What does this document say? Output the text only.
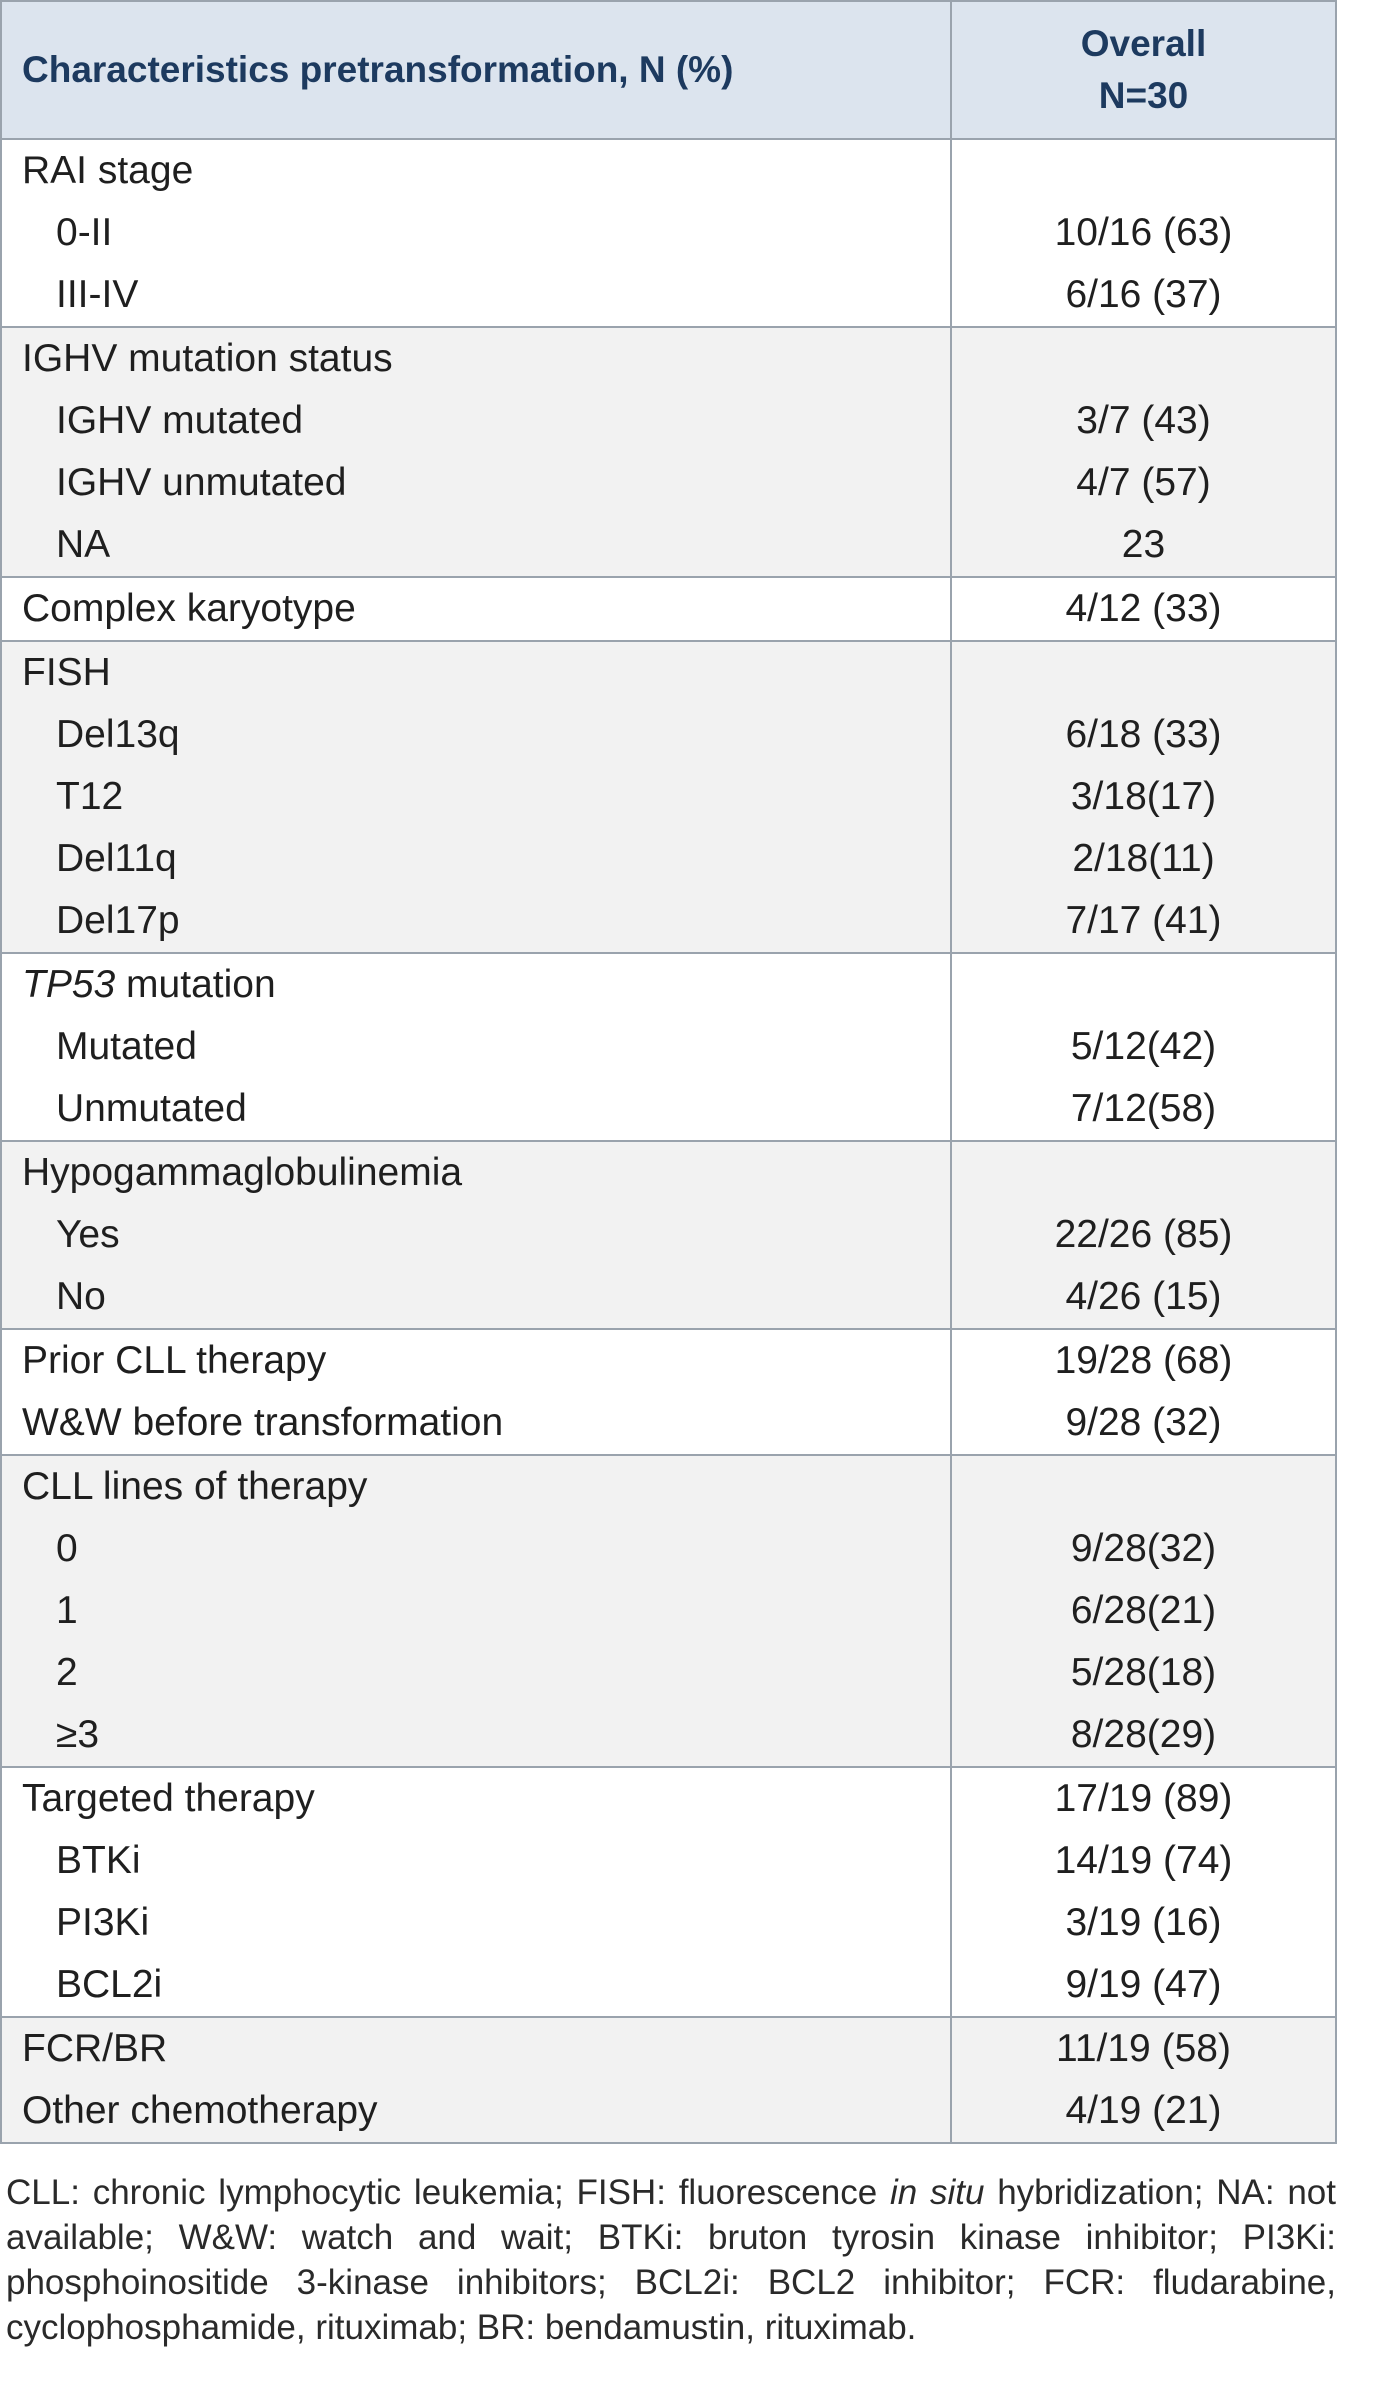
Characteristics pretransformation, N (%)	Overall
N=30

RAI stage	
0-II	10/16 (63)
III-IV	6/16 (37)
IGHV mutation status	
IGHV mutated	3/7 (43)
IGHV unmutated	4/7 (57)
NA	23
Complex karyotype	4/12 (33)
FISH	
Del13q	6/18 (33)
T12	3/18(17)
Del11q	2/18(11)
Del17p	7/17 (41)
TP53 mutation	
Mutated	5/12(42)
Unmutated	7/12(58)
Hypogammaglobulinemia	
Yes	22/26 (85)
No	4/26 (15)
Prior CLL therapy	19/28 (68)
W&W before transformation	9/28 (32)
CLL lines of therapy	
0	9/28(32)
1	6/28(21)
2	5/28(18)
≥3	8/28(29)
Targeted therapy	17/19 (89)
BTKi	14/19 (74)
PI3Ki	3/19 (16)
BCL2i	9/19 (47)
FCR/BR	11/19 (58)
Other chemotherapy	4/19 (21)
CLL: chronic lymphocytic leukemia; FISH: fluorescence in situ hybridization; NA: not available; W&W: watch and wait; BTKi: bruton tyrosin kinase inhibitor; PI3Ki: phosphoinositide 3-kinase inhibitors; BCL2i: BCL2 inhibitor; FCR: fludarabine, cyclophosphamide, rituximab; BR: bendamustin, rituximab.
